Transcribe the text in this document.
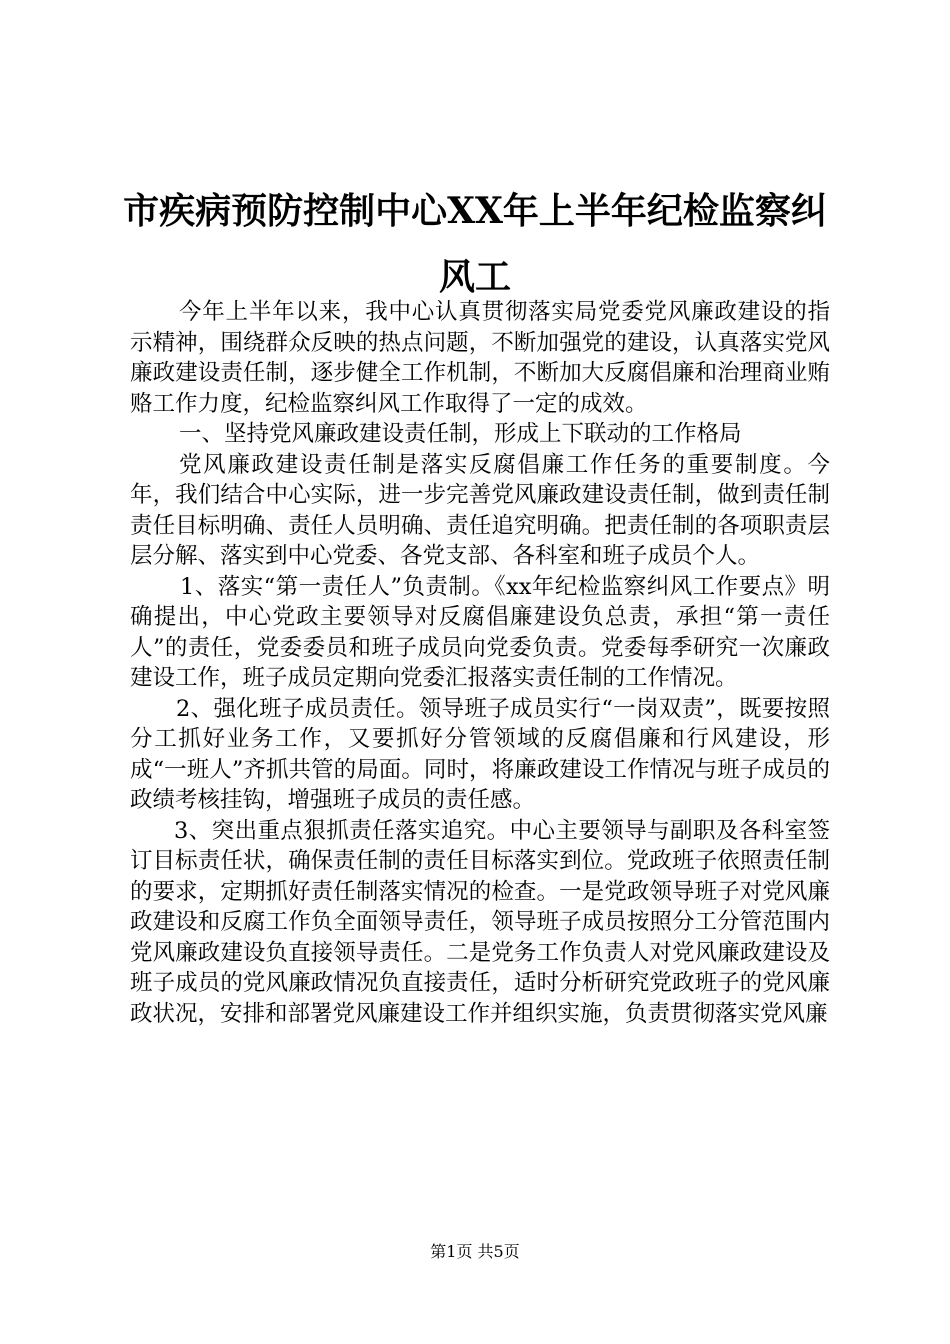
市疾病预防控制中心XX年上半年纪检监察纠风工

今年上半年以来，我中心认真贯彻落实局党委党风廉政建设的指示精神，围绕群众反映的热点问题，不断加强党的建设，认真落实党风廉政建设责任制，逐步健全工作机制，不断加大反腐倡廉和治理商业贿赂工作力度，纪检监察纠风工作取得了一定的成效。

一、坚持党风廉政建设责任制，形成上下联动的工作格局

党风廉政建设责任制是落实反腐倡廉工作任务的重要制度。今年，我们结合中心实际，进一步完善党风廉政建设责任制，做到责任制责任目标明确、责任人员明确、责任追究明确。把责任制的各项职责层层分解、落实到中心党委、各党支部、各科室和班子成员个人。

1、落实“第一责任人”负责制。《xx年纪检监察纠风工作要点》明确提出，中心党政主要领导对反腐倡廉建设负总责，承担“第一责任人”的责任，党委委员和班子成员向党委负责。党委每季研究一次廉政建设工作，班子成员定期向党委汇报落实责任制的工作情况。

2、强化班子成员责任。领导班子成员实行“一岗双责”，既要按照分工抓好业务工作，又要抓好分管领域的反腐倡廉和行风建设，形成“一班人”齐抓共管的局面。同时，将廉政建设工作情况与班子成员的政绩考核挂钩，增强班子成员的责任感。

3、突出重点狠抓责任落实追究。中心主要领导与副职及各科室签订目标责任状，确保责任制的责任目标落实到位。党政班子依照责任制的要求，定期抓好责任制落实情况的检查。一是党政领导班子对党风廉政建设和反腐工作负全面领导责任，领导班子成员按照分工分管范围内党风廉政建设负直接领导责任。二是党务工作负责人对党风廉政建设及班子成员的党风廉政情况负直接责任，适时分析研究党政班子的党风廉政状况，安排和部署党风廉建设工作并组织实施，负责贯彻落实党风廉

第1页 共5页
